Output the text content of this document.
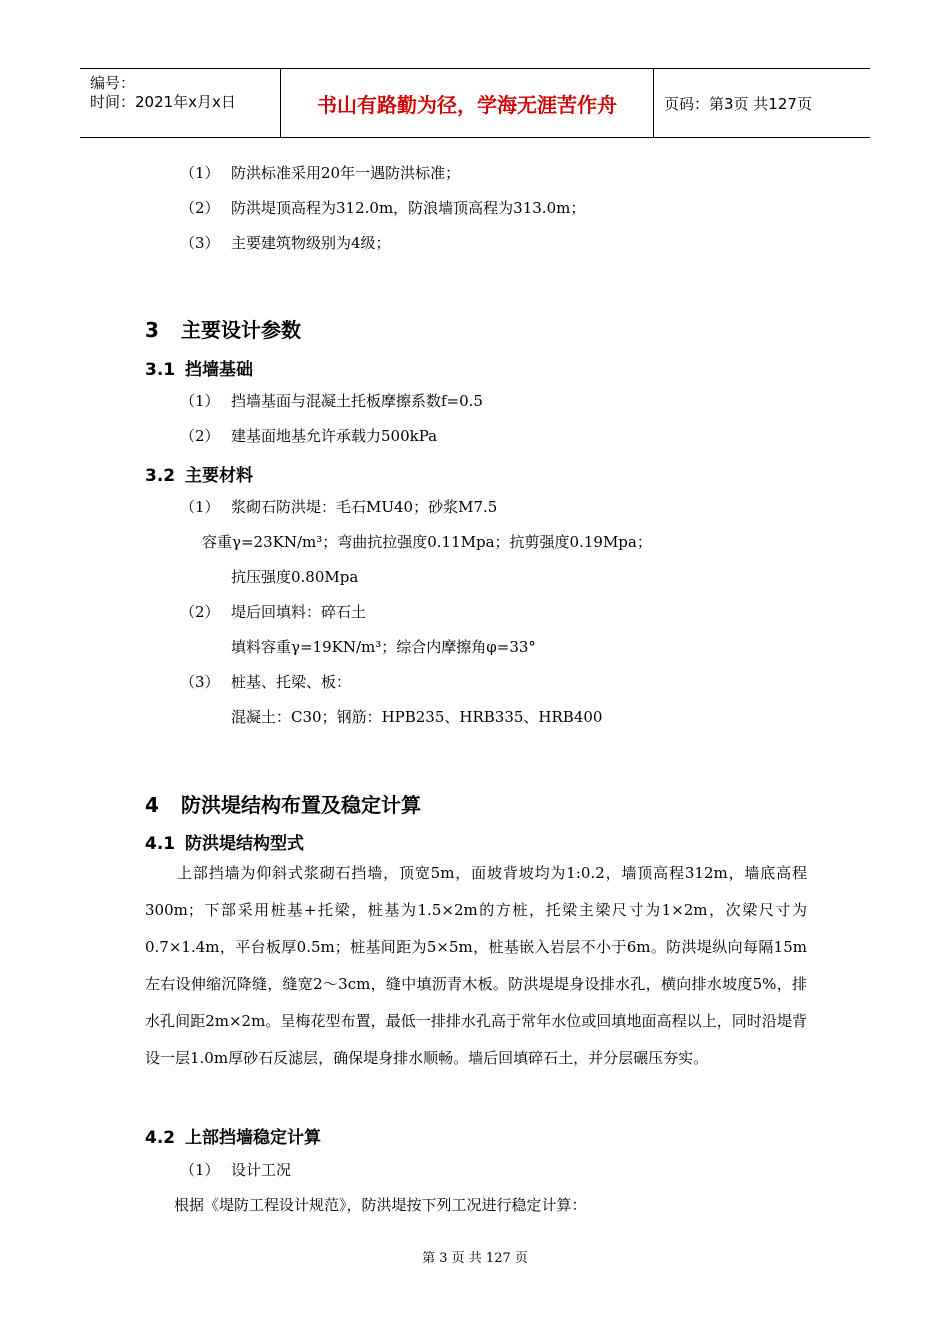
编号：
时间：2021年x月x日	书山有路勤为径，学海无涯苦作舟	页码：第3页 共127页
（1） 防洪标准采用20年一遇防洪标准；
（2） 防洪堤顶高程为312.0m，防浪墙顶高程为313.0m；
（3） 主要建筑物级别为4级；
3 主要设计参数
3.1 挡墙基础
（1） 挡墙基面与混凝土托板摩擦系数f=0.5
（2） 建基面地基允许承载力500kPa
3.2 主要材料
（1） 浆砌石防洪堤：毛石MU40；砂浆M7.5
容重γ=23KN/m³；弯曲抗拉强度0.11Mpa；抗剪强度0.19Mpa；
抗压强度0.80Mpa
（2） 堤后回填料：碎石土
填料容重γ=19KN/m³；综合内摩擦角φ=33°
（3） 桩基、托梁、板：
混凝土：C30；钢筋：HPB235、HRB335、HRB400
4 防洪堤结构布置及稳定计算
4.1 防洪堤结构型式

上部挡墙为仰斜式浆砌石挡墙，顶宽5m，面坡背坡均为1:0.2，墙顶高程312m，墙底高程300m；下部采用桩基+托梁，桩基为1.5×2m的方桩，托梁主梁尺寸为1×2m，次梁尺寸为0.7×1.4m，平台板厚0.5m；桩基间距为5×5m，桩基嵌入岩层不小于6m。防洪堤纵向每隔15m左右设伸缩沉降缝，缝宽2～3cm，缝中填沥青木板。防洪堤堤身设排水孔，横向排水坡度5%，排水孔间距2m×2m。呈梅花型布置，最低一排排水孔高于常年水位或回填地面高程以上，同时沿堤背设一层1.0m厚砂石反滤层，确保堤身排水顺畅。墙后回填碎石土，并分层碾压夯实。

4.2 上部挡墙稳定计算
（1） 设计工况
根据《堤防工程设计规范》，防洪堤按下列工况进行稳定计算：
第 3 页 共 127 页
